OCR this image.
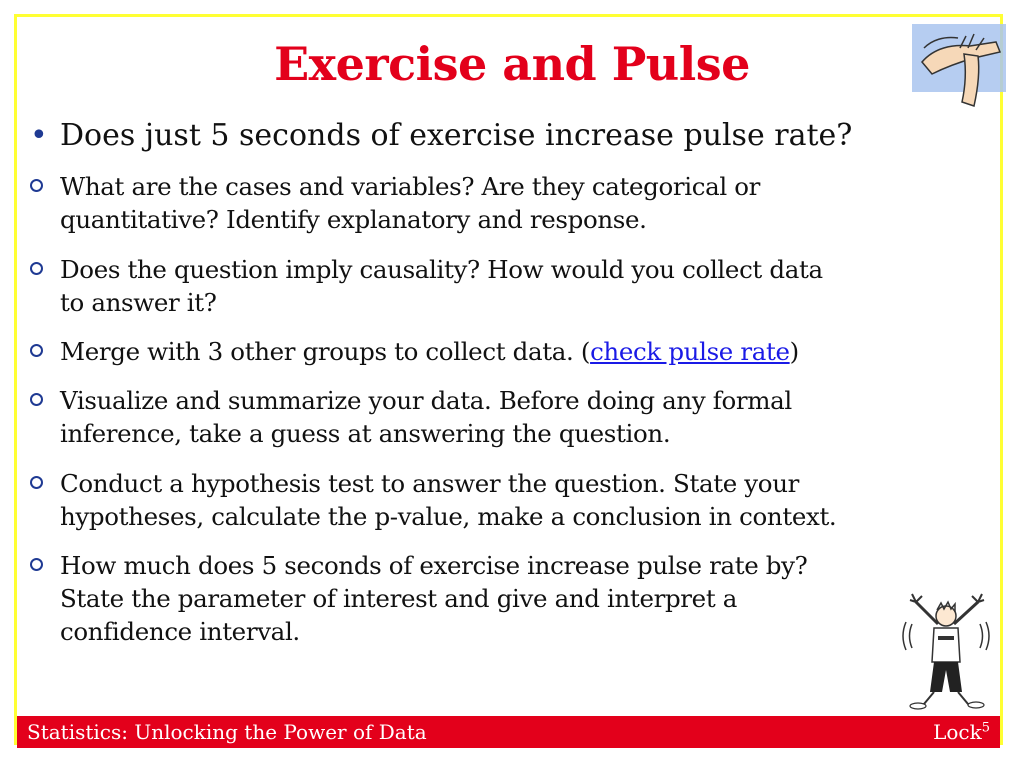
Exercise and Pulse
• Does just 5 seconds of exercise increase pulse rate?
What are the cases and variables? Are they categorical or
quantitative? Identify explanatory and response.
Does the question imply causality? How would you collect data
to answer it?
Merge with 3 other groups to collect data. (check pulse rate)
Visualize and summarize your data. Before doing any formal
inference, take a guess at answering the question.
Conduct a hypothesis test to answer the question. State your
hypotheses, calculate the p-value, make a conclusion in context.
How much does 5 seconds of exercise increase pulse rate by?
State the parameter of interest and give and interpret a
confidence interval.
Statistics: Unlocking the Power of Data	Lock$^5$
